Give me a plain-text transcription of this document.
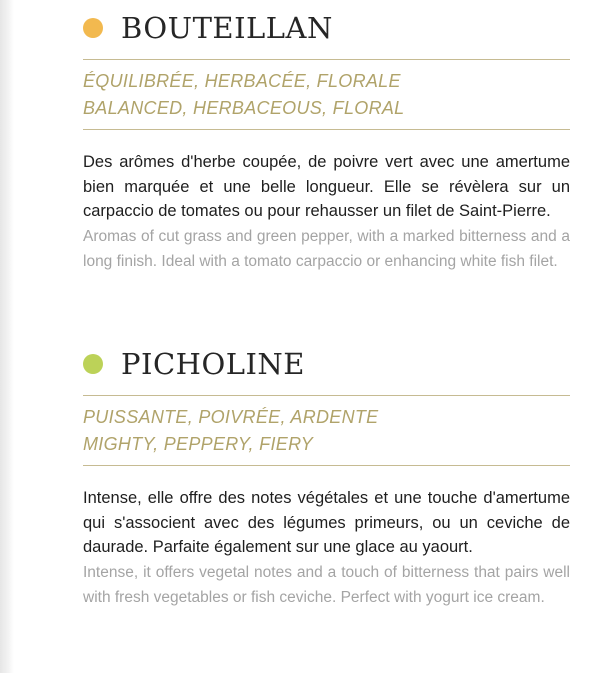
BOUTEILLAN
ÉQUILIBRÉE, HERBACÉE, FLORALE
BALANCED, HERBACEOUS, FLORAL
Des arômes d'herbe coupée, de poivre vert avec une amertume bien marquée et une belle longueur. Elle se révèlera sur un carpaccio de tomates ou pour rehausser un filet de Saint-Pierre.
Aromas of cut grass and green pepper, with a marked bitterness and a long finish. Ideal with a tomato carpaccio or enhancing white fish filet.
PICHOLINE
PUISSANTE, POIVRÉE, ARDENTE
MIGHTY, PEPPERY, FIERY
Intense, elle offre des notes végétales et une touche d'amertume qui s'associent avec des légumes primeurs, ou un ceviche de daurade. Parfaite également sur une glace au yaourt.
Intense, it offers vegetal notes and a touch of bitterness that pairs well with fresh vegetables or fish ceviche. Perfect with yogurt ice cream.
